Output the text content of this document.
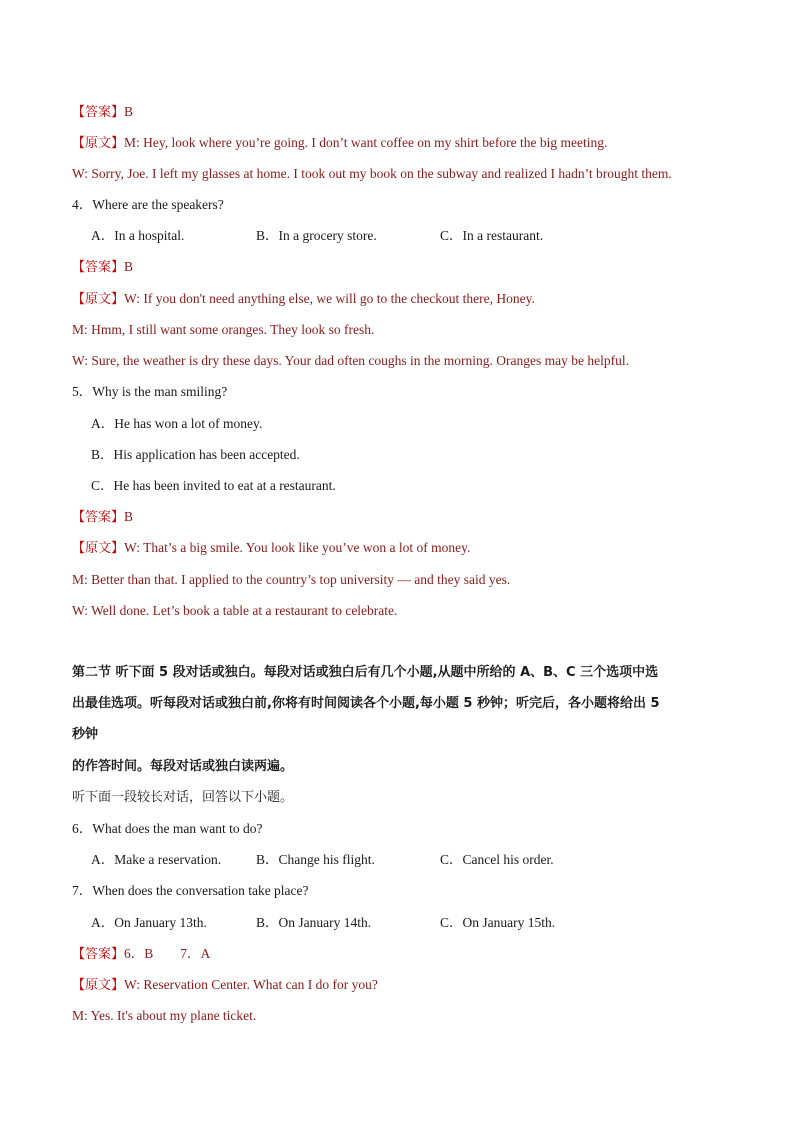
【答案】B
【原文】M: Hey, look where you’re going. I don’t want coffee on my shirt before the big meeting.
W: Sorry, Joe. I left my glasses at home. I took out my book on the subway and realized I hadn’t brought them.
4．Where are the speakers?
A．In a hospital.	B．In a grocery store.	C．In a restaurant.
【答案】B
【原文】W: If you don't need anything else, we will go to the checkout there, Honey.
M: Hmm, I still want some oranges. They look so fresh.
W: Sure, the weather is dry these days. Your dad often coughs in the morning. Oranges may be helpful.
5．Why is the man smiling?
A．He has won a lot of money.
B．His application has been accepted.
C．He has been invited to eat at a restaurant.
【答案】B
【原文】W: That’s a big smile. You look like you’ve won a lot of money.
M: Better than that. I applied to the country’s top university — and they said yes.
W: Well done. Let’s book a table at a restaurant to celebrate.
第二节 听下面 5 段对话或独白。每段对话或独白后有几个小题,从题中所给的 A、B、C 三个选项中选
出最佳选项。听每段对话或独白前,你将有时间阅读各个小题,每小题 5 秒钟；听完后，各小题将给出 5
秒钟
的作答时间。每段对话或独白读两遍。
听下面一段较长对话，回答以下小题。
6．What does the man want to do?
A．Make a reservation.	B．Change his flight.	C．Cancel his order.
7．When does the conversation take place?
A．On January 13th.	B．On January 14th.	C．On January 15th.
【答案】6．B　　7．A
【原文】W: Reservation Center. What can I do for you?
M: Yes. It's about my plane ticket.
